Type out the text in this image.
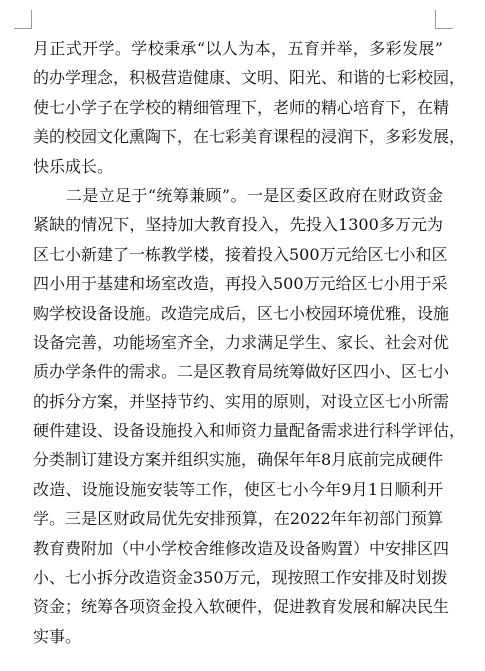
月正式开学。学校秉承“以人为本，五育并举，多彩发展”
的办学理念，积极营造健康、文明、阳光、和谐的七彩校园，
使七小学子在学校的精细管理下，老师的精心培育下，在精
美的校园文化熏陶下，在七彩美育课程的浸润下，多彩发展，
快乐成长。
二是立足于“统筹兼顾”。一是区委区政府在财政资金
紧缺的情况下，坚持加大教育投入，先投入1300多万元为
区七小新建了一栋教学楼，接着投入500万元给区七小和区
四小用于基建和场室改造，再投入500万元给区七小用于采
购学校设备设施。改造完成后，区七小校园环境优雅，设施
设备完善，功能场室齐全，力求满足学生、家长、社会对优
质办学条件的需求。二是区教育局统筹做好区四小、区七小
的拆分方案，并坚持节约、实用的原则，对设立区七小所需
硬件建设、设备设施投入和师资力量配备需求进行科学评估，
分类制订建设方案并组织实施，确保年年8月底前完成硬件
改造、设施设施安装等工作，使区七小今年9月1日顺利开
学。三是区财政局优先安排预算，在2022年年初部门预算
教育费附加（中小学校舍维修改造及设备购置）中安排区四
小、七小拆分改造资金350万元，现按照工作安排及时划拨
资金；统筹各项资金投入软硬件，促进教育发展和解决民生
实事。
